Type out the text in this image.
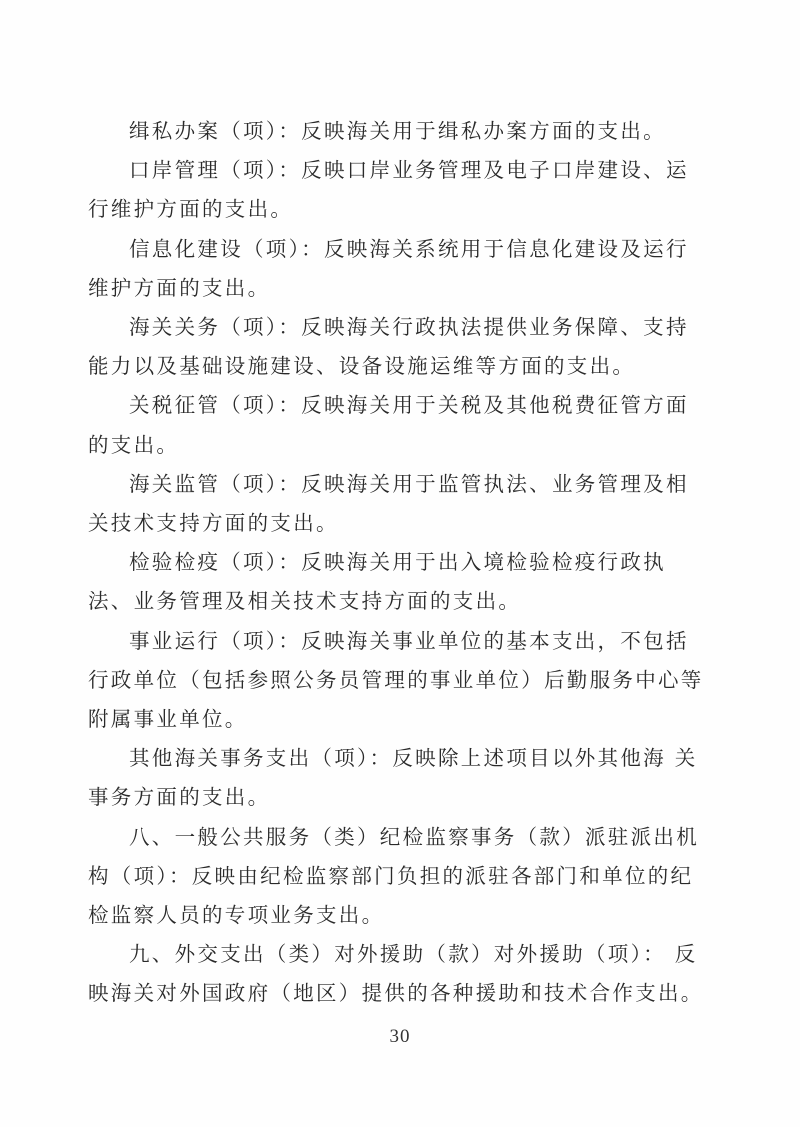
缉私办案（项）：反映海关用于缉私办案方面的支出。

口岸管理（项）：反映口岸业务管理及电子口岸建设、运行维护方面的支出。

信息化建设（项）：反映海关系统用于信息化建设及运行维护方面的支出。

海关关务（项）：反映海关行政执法提供业务保障、支持能力以及基础设施建设、设备设施运维等方面的支出。

关税征管（项）：反映海关用于关税及其他税费征管方面的支出。

海关监管（项）：反映海关用于监管执法、业务管理及相关技术支持方面的支出。

检验检疫（项）：反映海关用于出入境检验检疫行政执法、业务管理及相关技术支持方面的支出。

事业运行（项）：反映海关事业单位的基本支出，不包括行政单位（包括参照公务员管理的事业单位）后勤服务中心等附属事业单位。

其他海关事务支出（项）：反映除上述项目以外其他海 关事务方面的支出。

八、一般公共服务（类）纪检监察事务（款）派驻派出机构（项）：反映由纪检监察部门负担的派驻各部门和单位的纪检监察人员的专项业务支出。

九、外交支出（类）对外援助（款）对外援助（项）： 反映海关对外国政府（地区）提供的各种援助和技术合作支出。

30
